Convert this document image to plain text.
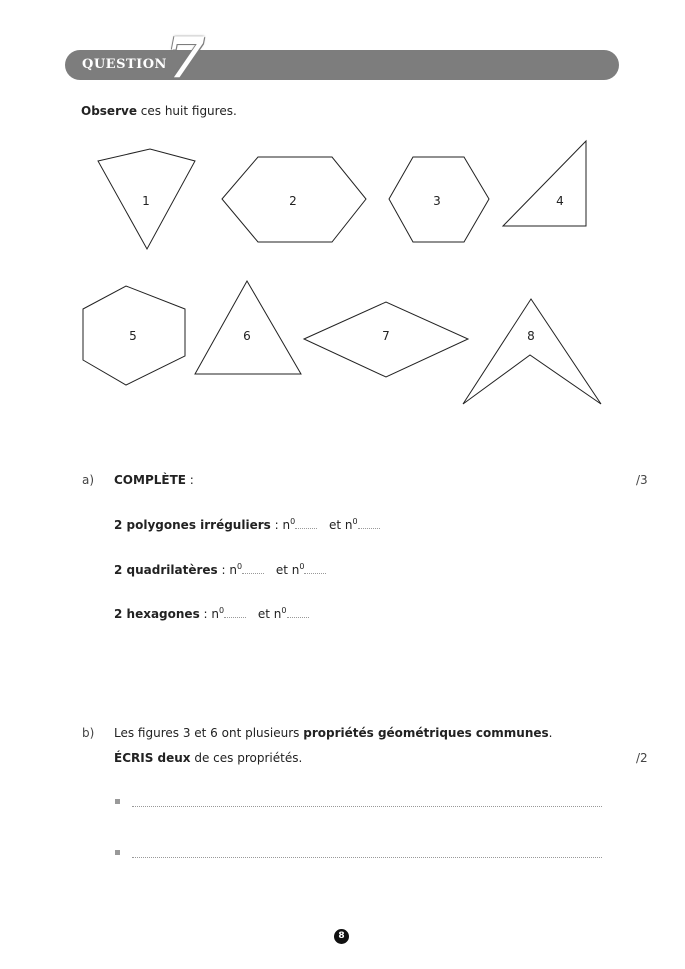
QUESTION 7
Observe ces huit figures.
1	2	3	4
5	6	7	8
a) COMPLÈTE :	/3
2 polygones irréguliers : $n^0$	et $n^0$
2 quadrilatères : $n^0$	et $n^0$
2 hexagones : $n^0$	et $n^0$
b) Les figures 3 et 6 ont plusieurs propriétés géométriques communes.
ÉCRIS deux de ces propriétés.	/2
8
